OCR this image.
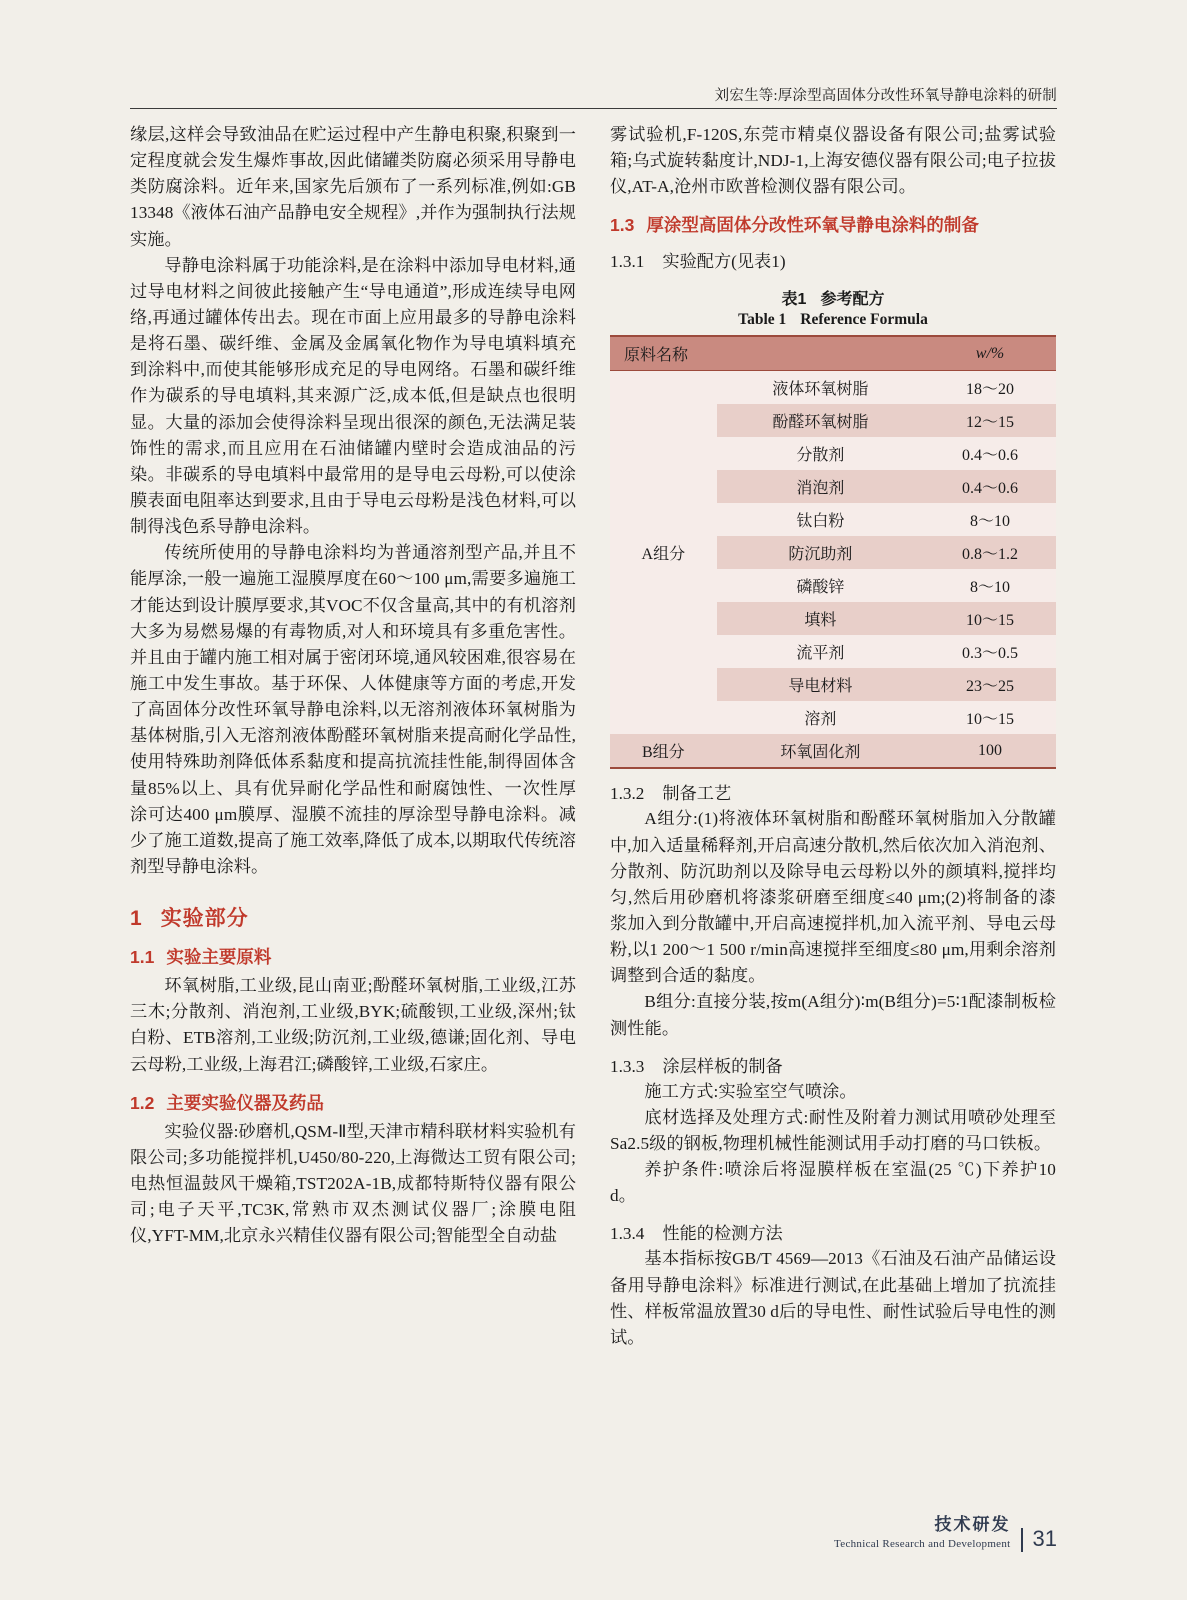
刘宏生等:厚涂型高固体分改性环氧导静电涂料的研制

缘层,这样会导致油品在贮运过程中产生静电积聚,积聚到一定程度就会发生爆炸事故,因此储罐类防腐必须采用导静电类防腐涂料。近年来,国家先后颁布了一系列标准,例如:GB 13348《液体石油产品静电安全规程》,并作为强制执行法规实施。

导静电涂料属于功能涂料,是在涂料中添加导电材料,通过导电材料之间彼此接触产生“导电通道”,形成连续导电网络,再通过罐体传出去。现在市面上应用最多的导静电涂料是将石墨、碳纤维、金属及金属氧化物作为导电填料填充到涂料中,而使其能够形成充足的导电网络。石墨和碳纤维作为碳系的导电填料,其来源广泛,成本低,但是缺点也很明显。大量的添加会使得涂料呈现出很深的颜色,无法满足装饰性的需求,而且应用在石油储罐内壁时会造成油品的污染。非碳系的导电填料中最常用的是导电云母粉,可以使涂膜表面电阻率达到要求,且由于导电云母粉是浅色材料,可以制得浅色系导静电涂料。

传统所使用的导静电涂料均为普通溶剂型产品,并且不能厚涂,一般一遍施工湿膜厚度在60～100 μm,需要多遍施工才能达到设计膜厚要求,其VOC不仅含量高,其中的有机溶剂大多为易燃易爆的有毒物质,对人和环境具有多重危害性。并且由于罐内施工相对属于密闭环境,通风较困难,很容易在施工中发生事故。基于环保、人体健康等方面的考虑,开发了高固体分改性环氧导静电涂料,以无溶剂液体环氧树脂为基体树脂,引入无溶剂液体酚醛环氧树脂来提高耐化学品性,使用特殊助剂降低体系黏度和提高抗流挂性能,制得固体含量85%以上、具有优异耐化学品性和耐腐蚀性、一次性厚涂可达400 μm膜厚、湿膜不流挂的厚涂型导静电涂料。减少了施工道数,提高了施工效率,降低了成本,以期取代传统溶剂型导静电涂料。

1 实验部分
1.1 实验主要原料

环氧树脂,工业级,昆山南亚;酚醛环氧树脂,工业级,江苏三木;分散剂、消泡剂,工业级,BYK;硫酸钡,工业级,深州;钛白粉、ETB溶剂,工业级;防沉剂,工业级,德谦;固化剂、导电云母粉,工业级,上海君江;磷酸锌,工业级,石家庄。

1.2 主要实验仪器及药品

实验仪器:砂磨机,QSM-Ⅱ型,天津市精科联材料实验机有限公司;多功能搅拌机,U450/80-220,上海微达工贸有限公司;电热恒温鼓风干燥箱,TST202A-1B,成都特斯特仪器有限公司;电子天平,TC3K,常熟市双杰测试仪器厂;涂膜电阻仪,YFT-MM,北京永兴精佳仪器有限公司;智能型全自动盐

雾试验机,F-120S,东莞市精桌仪器设备有限公司;盐雾试验箱;乌式旋转黏度计,NDJ-1,上海安德仪器有限公司;电子拉拔仪,AT-A,沧州市欧普检测仪器有限公司。

1.3 厚涂型高固体分改性环氧导静电涂料的制备
1.3.1 实验配方(见表1)
表1 参考配方
Table 1 Reference Formula
原料名称		w/%
A组分	液体环氧树脂	18～20
	酚醛环氧树脂	12～15
	分散剂	0.4～0.6
	消泡剂	0.4～0.6
	钛白粉	8～10
	防沉助剂	0.8～1.2
	磷酸锌	8～10
	填料	10～15
	流平剂	0.3～0.5
	导电材料	23～25
	溶剂	10～15
B组分	环氧固化剂	100
1.3.2 制备工艺

A组分:(1)将液体环氧树脂和酚醛环氧树脂加入分散罐中,加入适量稀释剂,开启高速分散机,然后依次加入消泡剂、分散剂、防沉助剂以及除导电云母粉以外的颜填料,搅拌均匀,然后用砂磨机将漆浆研磨至细度≤40 μm;(2)将制备的漆浆加入到分散罐中,开启高速搅拌机,加入流平剂、导电云母粉,以1 200～1 500 r/min高速搅拌至细度≤80 μm,用剩余溶剂调整到合适的黏度。

B组分:直接分装,按m(A组分)∶m(B组分)=5∶1配漆制板检测性能。

1.3.3 涂层样板的制备

施工方式:实验室空气喷涂。

底材选择及处理方式:耐性及附着力测试用喷砂处理至Sa2.5级的钢板,物理机械性能测试用手动打磨的马口铁板。

养护条件:喷涂后将湿膜样板在室温(25 ℃)下养护10 d。

1.3.4 性能的检测方法

基本指标按GB/T 4569—2013《石油及石油产品储运设备用导静电涂料》标准进行测试,在此基础上增加了抗流挂性、样板常温放置30 d后的导电性、耐性试验后导电性的测试。

技术研发
Technical Research and Development	31
